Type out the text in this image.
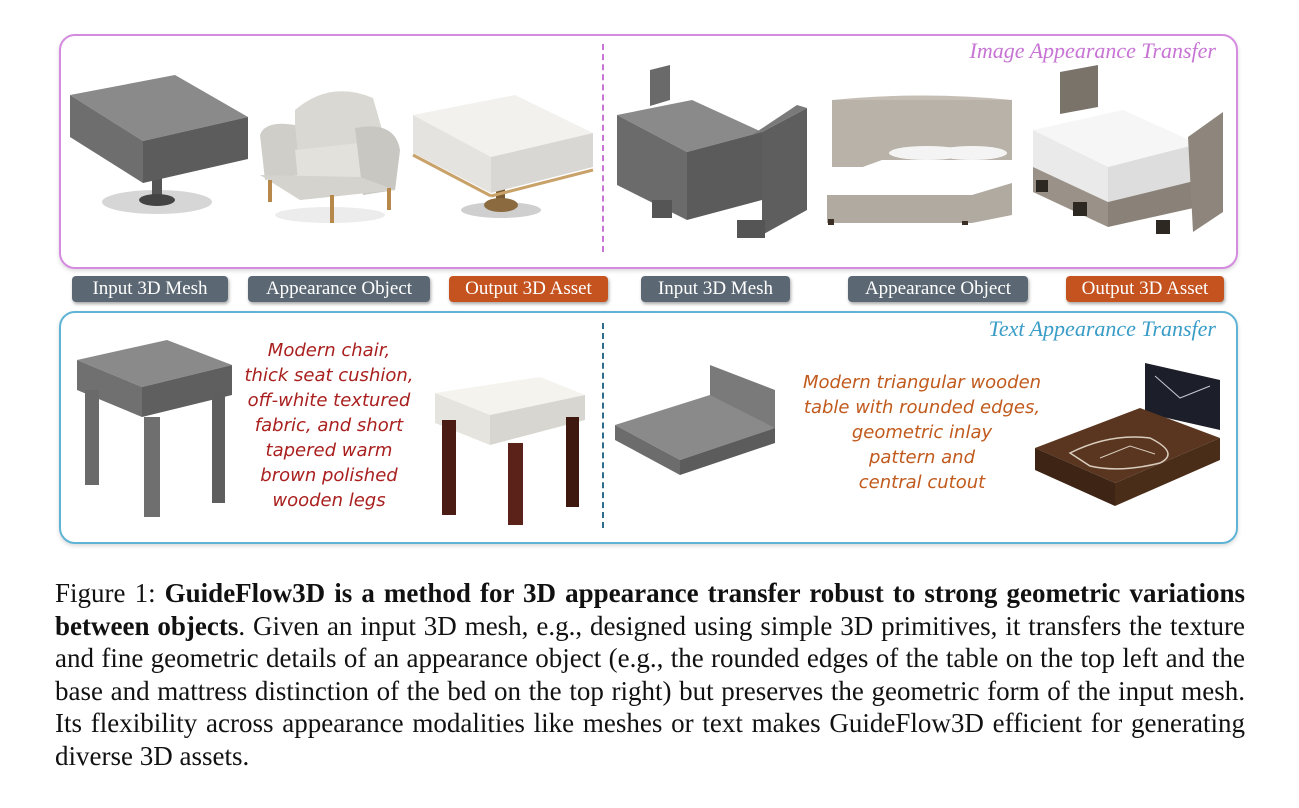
Image Appearance Transfer
Input 3D Mesh	Appearance Object	Output 3D Asset	Input 3D Mesh	Appearance Object	Output 3D Asset
Text Appearance Transfer
Modern chair,
thick seat cushion,
off-white textured
fabric, and short
tapered warm
brown polished
wooden legs
Modern triangular wooden
table with rounded edges,
geometric inlay
pattern and
central cutout
Figure 1: GuideFlow3D is a method for 3D appearance transfer robust to strong geometric variations between objects. Given an input 3D mesh, e.g., designed using simple 3D primitives, it transfers the texture and fine geometric details of an appearance object (e.g., the rounded edges of the table on the top left and the base and mattress distinction of the bed on the top right) but preserves the geometric form of the input mesh. Its flexibility across appearance modalities like meshes or text makes GuideFlow3D efficient for generating diverse 3D assets.
